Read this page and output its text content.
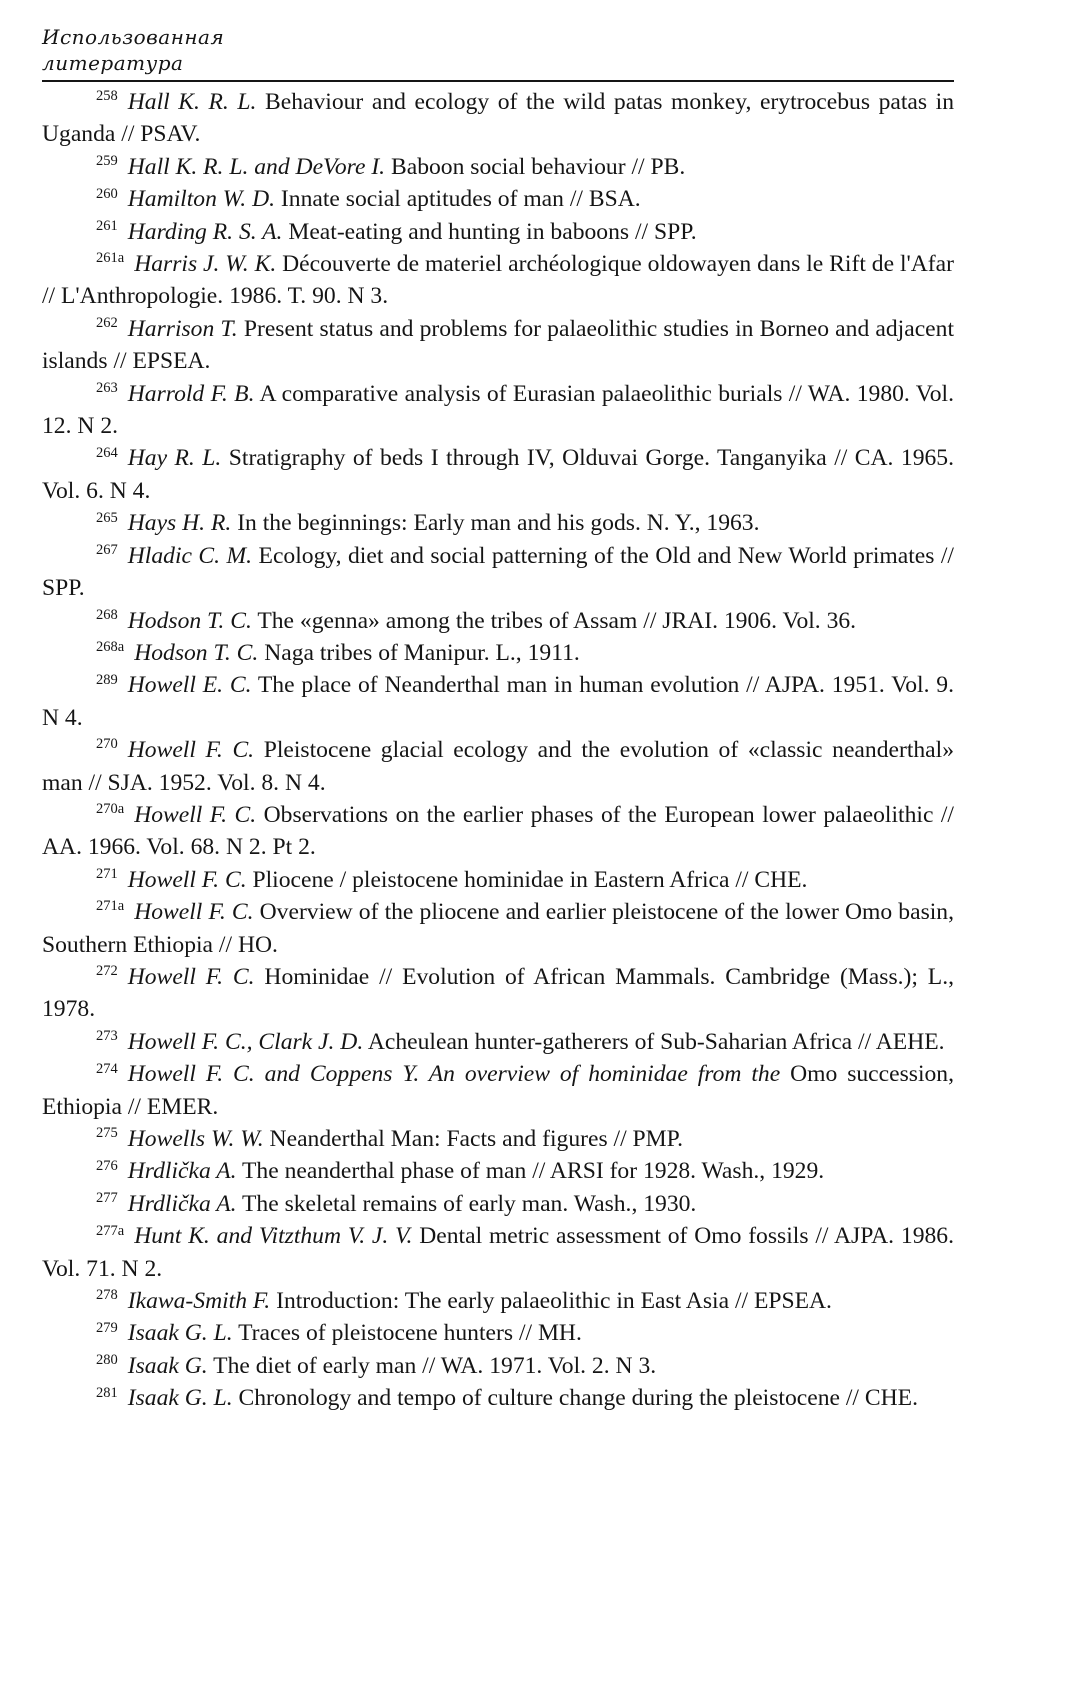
Использованная
литература

$^{258}$ Hall K. R. L. Behaviour and ecology of the wild patas monkey, erytrocebus patas in Uganda // PSAV.

$^{259}$ Hall K. R. L. and DeVore I. Baboon social behaviour // PB.

$^{260}$ Hamilton W. D. Innate social aptitudes of man // BSA.

$^{261}$ Harding R. S. A. Meat-eating and hunting in baboons // SPP.

$^{261a}$ Harris J. W. K. Découverte de materiel archéologique oldowayen dans le Rift de l'Afar // L'Anthropologie. 1986. T. 90. N 3.

$^{262}$ Harrison T. Present status and problems for palaeolithic studies in Borneo and adjacent islands // EPSEA.

$^{263}$ Harrold F. B. A comparative analysis of Eurasian palaeolithic burials // WA. 1980. Vol. 12. N 2.

$^{264}$ Hay R. L. Stratigraphy of beds I through IV, Olduvai Gorge. Tanganyika // CA. 1965. Vol. 6. N 4.

$^{265}$ Hays H. R. In the beginnings: Early man and his gods. N. Y., 1963.

$^{267}$ Hladic C. M. Ecology, diet and social patterning of the Old and New World primates // SPP.

$^{268}$ Hodson T. C. The «genna» among the tribes of Assam // JRAI. 1906. Vol. 36.

$^{268a}$ Hodson T. C. Naga tribes of Manipur. L., 1911.

$^{289}$ Howell E. C. The place of Neanderthal man in human evolution // AJPA. 1951. Vol. 9. N 4.

$^{270}$ Howell F. C. Pleistocene glacial ecology and the evolution of «classic neanderthal» man // SJA. 1952. Vol. 8. N 4.

$^{270a}$ Howell F. C. Observations on the earlier phases of the European lower palaeolithic // AA. 1966. Vol. 68. N 2. Pt 2.

$^{271}$ Howell F. C. Pliocene / pleistocene hominidae in Eastern Africa // CHE.

$^{271a}$ Howell F. C. Overview of the pliocene and earlier pleistocene of the lower Omo basin, Southern Ethiopia // HO.

$^{272}$ Howell F. C. Hominidae // Evolution of African Mammals. Cambridge (Mass.); L., 1978.

$^{273}$ Howell F. C., Clark J. D. Acheulean hunter-gatherers of Sub-Saharian Africa // AEHE.

$^{274}$ Howell F. C. and Coppens Y. An overview of hominidae from the Omo succession, Ethiopia // EMER.

$^{275}$ Howells W. W. Neanderthal Man: Facts and figures // PMP.

$^{276}$ Hrdlička A. The neanderthal phase of man // ARSI for 1928. Wash., 1929.

$^{277}$ Hrdlička A. The skeletal remains of early man. Wash., 1930.

$^{277a}$ Hunt K. and Vitzthum V. J. V. Dental metric assessment of Omo fossils // AJPA. 1986. Vol. 71. N 2.

$^{278}$ Ikawa-Smith F. Introduction: The early palaeolithic in East Asia // EPSEA.

$^{279}$ Isaak G. L. Traces of pleistocene hunters // MH.

$^{280}$ Isaak G. The diet of early man // WA. 1971. Vol. 2. N 3.

$^{281}$ Isaak G. L. Chronology and tempo of culture change during the pleistocene // CHE.
